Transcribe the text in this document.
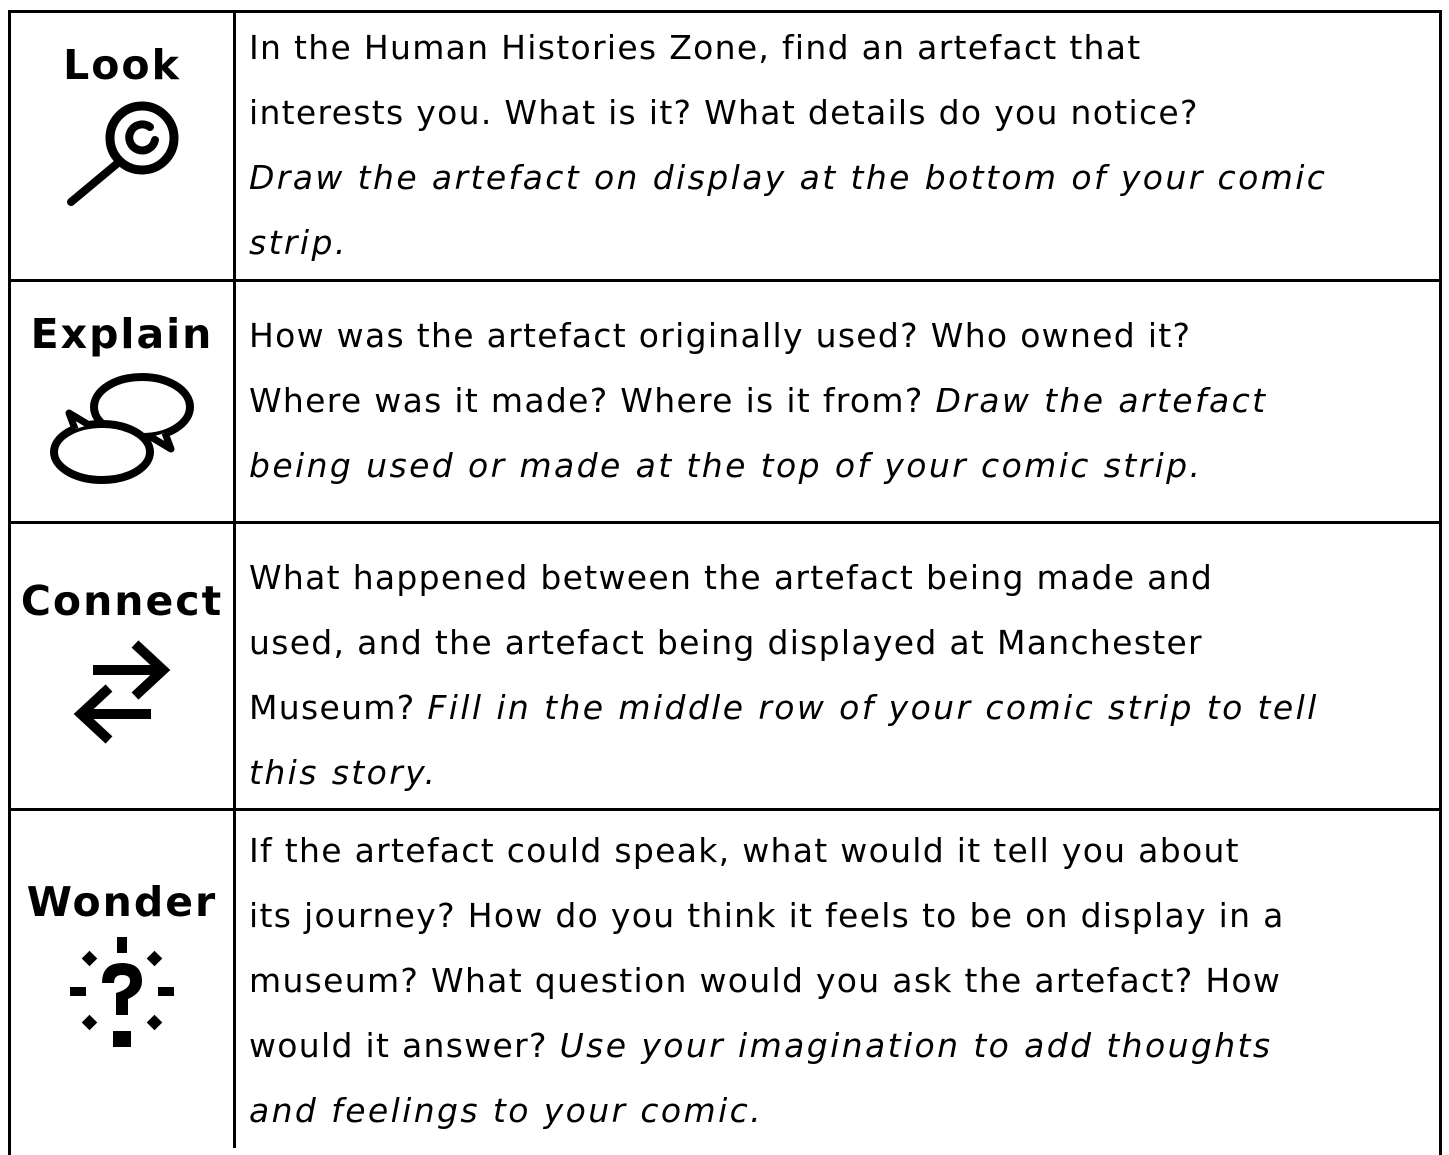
Look In the Human Histories Zone, find an artefact that
interests you. What is it? What details do you notice?
Draw the artefact on display at the bottom of your comic
strip.
Explain How was the artefact originally used? Who owned it?
Where was it made? Where is it from? Draw the artefact
being used or made at the top of your comic strip.
Connect What happened between the artefact being made and
used, and the artefact being displayed at Manchester
Museum? Fill in the middle row of your comic strip to tell
this story.
Wonder
If the artefact could speak, what would it tell you about
its journey? How do you think it feels to be on display in a
museum? What question would you ask the artefact? How
would it answer? Use your imagination to add thoughts
and feelings to your comic.
